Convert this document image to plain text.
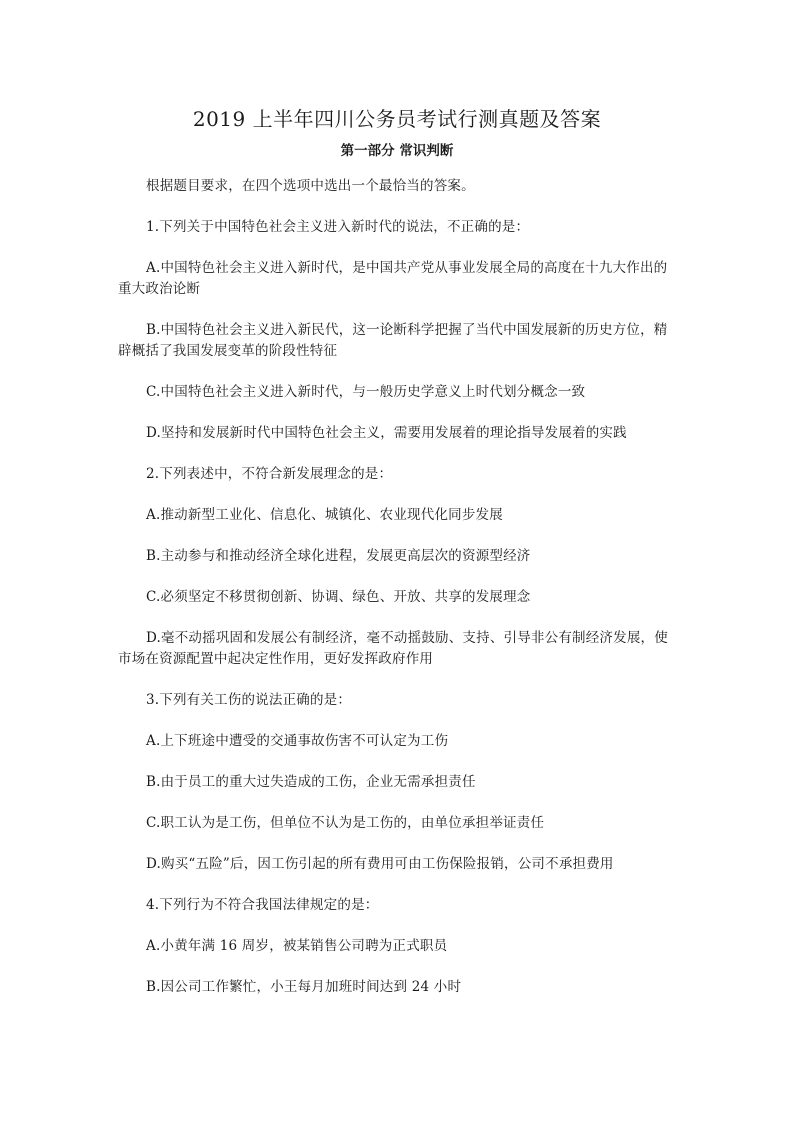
2019 上半年四川公务员考试行测真题及答案
第一部分 常识判断

根据题目要求，在四个选项中选出一个最恰当的答案。

1.下列关于中国特色社会主义进入新时代的说法，不正确的是：

A.中国特色社会主义进入新时代，是中国共产党从事业发展全局的高度在十九大作出的重大政治论断

B.中国特色社会主义进入新民代，这一论断科学把握了当代中国发展新的历史方位，精辟概括了我国发展变革的阶段性特征

C.中国特色社会主义进入新时代，与一般历史学意义上时代划分概念一致

D.坚持和发展新时代中国特色社会主义，需要用发展着的理论指导发展着的实践

2.下列表述中，不符合新发展理念的是：

A.推动新型工业化、信息化、城镇化、农业现代化同步发展

B.主动参与和推动经济全球化进程，发展更高层次的资源型经济

C.必须坚定不移贯彻创新、协调、绿色、开放、共享的发展理念

D.毫不动摇巩固和发展公有制经济，毫不动摇鼓励、支持、引导非公有制经济发展，使市场在资源配置中起决定性作用，更好发挥政府作用

3.下列有关工伤的说法正确的是：

A.上下班途中遭受的交通事故伤害不可认定为工伤

B.由于员工的重大过失造成的工伤，企业无需承担责任

C.职工认为是工伤，但单位不认为是工伤的，由单位承担举证责任

D.购买“五险”后，因工伤引起的所有费用可由工伤保险报销，公司不承担费用

4.下列行为不符合我国法律规定的是：

A.小黄年满 16 周岁，被某销售公司聘为正式职员

B.因公司工作繁忙，小王每月加班时间达到 24 小时
